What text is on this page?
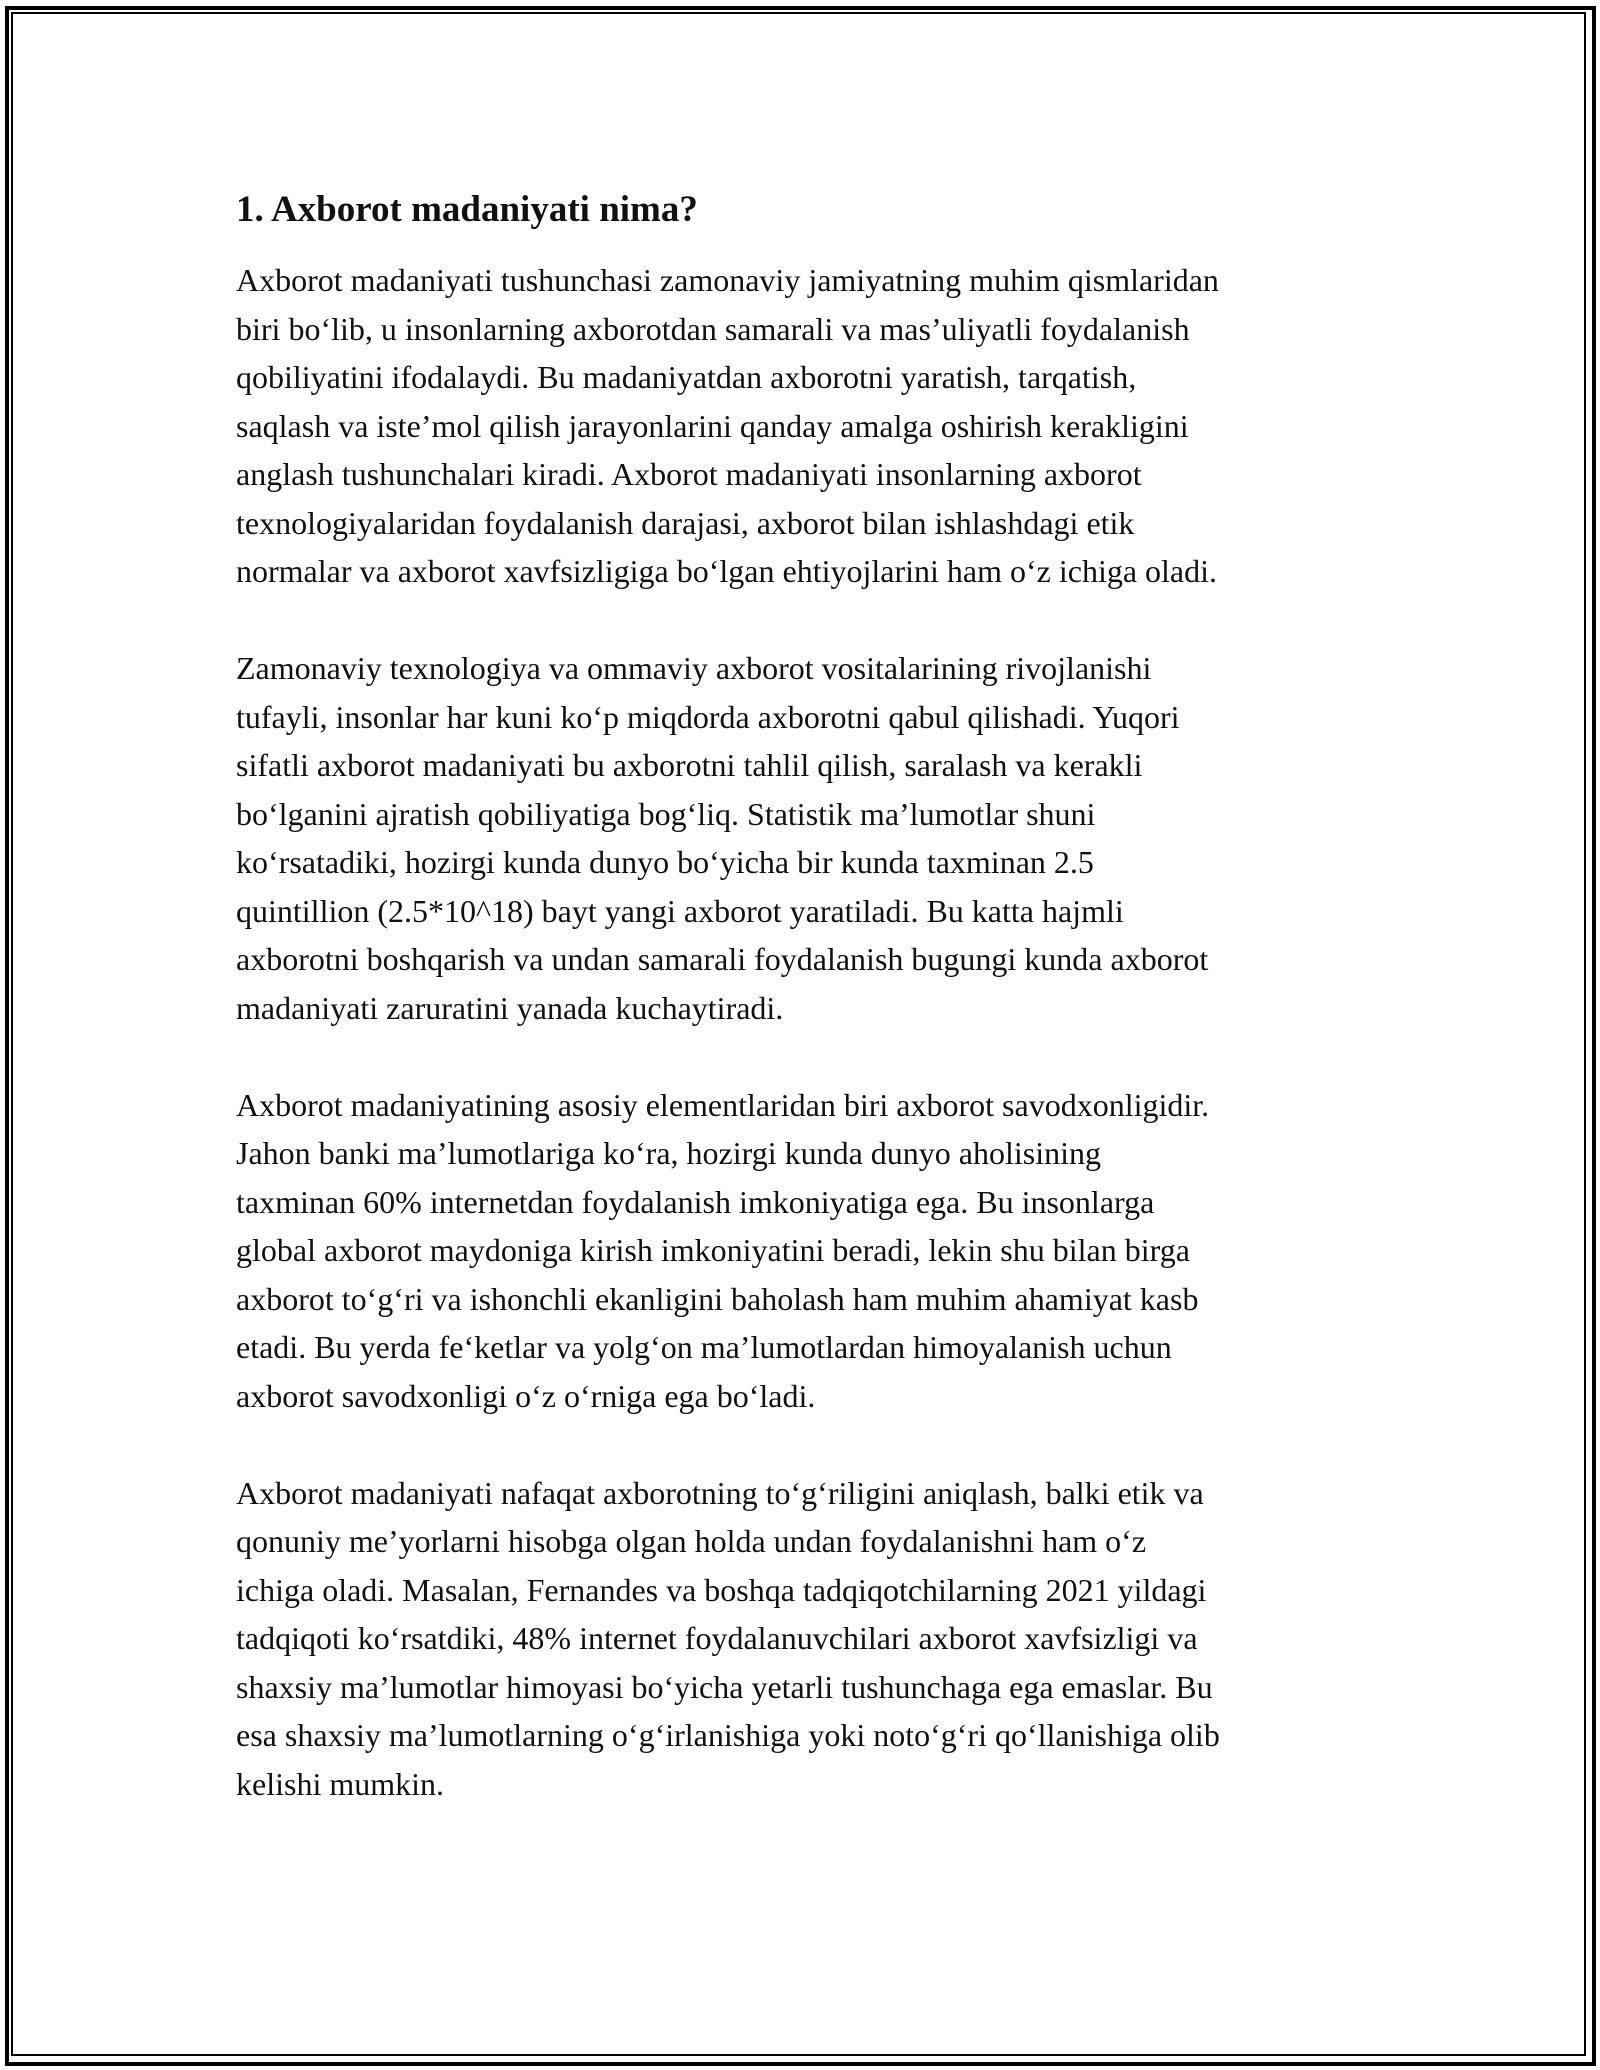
1. Axborot madaniyati nima?

Axborot madaniyati tushunchasi zamonaviy jamiyatning muhim qismlaridan
biri bo‘lib, u insonlarning axborotdan samarali va mas’uliyatli foydalanish
qobiliyatini ifodalaydi. Bu madaniyatdan axborotni yaratish, tarqatish,
saqlash va iste’mol qilish jarayonlarini qanday amalga oshirish kerakligini
anglash tushunchalari kiradi. Axborot madaniyati insonlarning axborot
texnologiyalaridan foydalanish darajasi, axborot bilan ishlashdagi etik
normalar va axborot xavfsizligiga bo‘lgan ehtiyojlarini ham o‘z ichiga oladi.

Zamonaviy texnologiya va ommaviy axborot vositalarining rivojlanishi
tufayli, insonlar har kuni ko‘p miqdorda axborotni qabul qilishadi. Yuqori
sifatli axborot madaniyati bu axborotni tahlil qilish, saralash va kerakli
bo‘lganini ajratish qobiliyatiga bog‘liq. Statistik ma’lumotlar shuni
ko‘rsatadiki, hozirgi kunda dunyo bo‘yicha bir kunda taxminan 2.5
quintillion (2.5*10^18) bayt yangi axborot yaratiladi. Bu katta hajmli
axborotni boshqarish va undan samarali foydalanish bugungi kunda axborot
madaniyati zaruratini yanada kuchaytiradi.

Axborot madaniyatining asosiy elementlaridan biri axborot savodxonligidir.
Jahon banki ma’lumotlariga ko‘ra, hozirgi kunda dunyo aholisining
taxminan 60% internetdan foydalanish imkoniyatiga ega. Bu insonlarga
global axborot maydoniga kirish imkoniyatini beradi, lekin shu bilan birga
axborot to‘g‘ri va ishonchli ekanligini baholash ham muhim ahamiyat kasb
etadi. Bu yerda fe‘ketlar va yolg‘on ma’lumotlardan himoyalanish uchun
axborot savodxonligi o‘z o‘rniga ega bo‘ladi.

Axborot madaniyati nafaqat axborotning to‘g‘riligini aniqlash, balki etik va
qonuniy me’yorlarni hisobga olgan holda undan foydalanishni ham o‘z
ichiga oladi. Masalan, Fernandes va boshqa tadqiqotchilarning 2021 yildagi
tadqiqoti ko‘rsatdiki, 48% internet foydalanuvchilari axborot xavfsizligi va
shaxsiy ma’lumotlar himoyasi bo‘yicha yetarli tushunchaga ega emaslar. Bu
esa shaxsiy ma’lumotlarning o‘g‘irlanishiga yoki noto‘g‘ri qo‘llanishiga olib
kelishi mumkin.
